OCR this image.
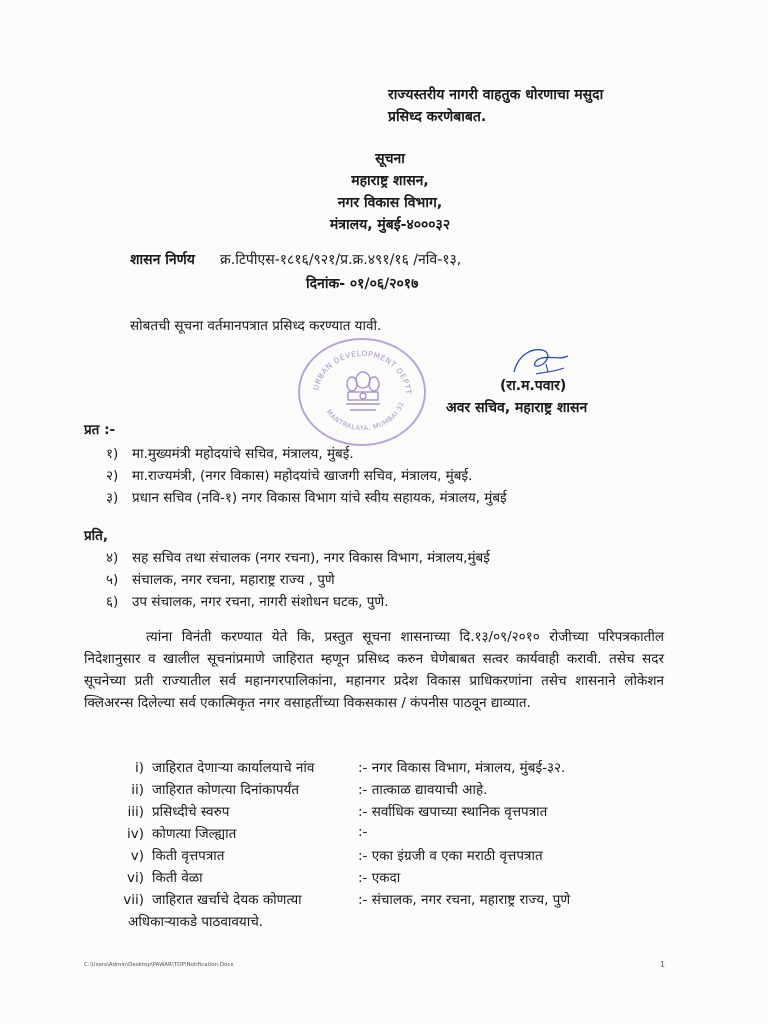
राज्यस्तरीय नागरी वाहतुक धोरणाचा मसुदा
प्रसिध्द करणेबाबत.
सूचना
महाराष्ट्र शासन,
नगर विकास विभाग,
मंत्रालय, मुंबई-४०००३२
शासन निर्णय क्र.टिपीएस-१८१६/९२१/प्र.क्र.४९१/१६ /नवि-१३,
दिनांक- ०१/०६/२०१७
सोबतची सूचना वर्तमानपत्रात प्रसिध्द करण्यात यावी.
URBAN DEVELOPMENT DEPTT
MANTRALAYA, MUMBAI 32
(रा.म.पवार)
अवर सचिव, महाराष्ट्र शासन
प्रत :-
१) मा.मुख्यमंत्री महोदयांचे सचिव, मंत्रालय, मुंबई.
२) मा.राज्यमंत्री, (नगर विकास) महोदयांचे खाजगी सचिव, मंत्रालय, मुंबई.
३) प्रधान सचिव (नवि-१) नगर विकास विभाग यांचे स्वीय सहायक, मंत्रालय, मुंबई
प्रति,
४) सह सचिव तथा संचालक (नगर रचना), नगर विकास विभाग, मंत्रालय,मुंबई
५) संचालक, नगर रचना, महाराष्ट्र राज्य , पुणे
६) उप संचालक, नगर रचना, नागरी संशोधन घटक, पुणे.
त्यांना विनंती करण्यात येते कि, प्रस्तुत सूचना शासनाच्या दि.१३/०९/२०१० रोजीच्या परिपत्रकातील निदेशानुसार व खालील सूचनांप्रमाणे जाहिरात म्हणून प्रसिध्द करुन घेणेबाबत सत्वर कार्यवाही करावी. तसेच सदर सूचनेच्या प्रती राज्यातील सर्व महानगरपालिकांना, महानगर प्रदेश विकास प्राधिकरणांना तसेच शासनाने लोकेशन क्लिअरन्स दिलेल्या सर्व एकात्मिकृत नगर वसाहतींच्या विकसकास / कंपनीस पाठवून द्याव्यात.
i) जाहिरात देणाऱ्या कार्यालयाचे नांव	:- नगर विकास विभाग, मंत्रालय, मुंबई-३२.
ii) जाहिरात कोणत्या दिनांकापर्यंत	:- तात्काळ द्यावयाची आहे.
iii) प्रसिध्दीचे स्वरुप	:- सर्वाधिक खपाच्या स्थानिक वृत्तपत्रात
iv) कोणत्या जिल्ह्यात	:-
v) किती वृत्तपत्रात	:- एका इंग्रजी व एका मराठी वृत्तपत्रात
vi) किती वेळा	:- एकदा
vii) जाहिरात खर्चाचे देयक कोणत्या	:- संचालक, नगर रचना, महाराष्ट्र राज्य, पुणे
अधिकाऱ्याकडे पाठवावयाचे.
C:\Users\Admin\Desktop\PAWAR\TDP\Notification.Docx	1
